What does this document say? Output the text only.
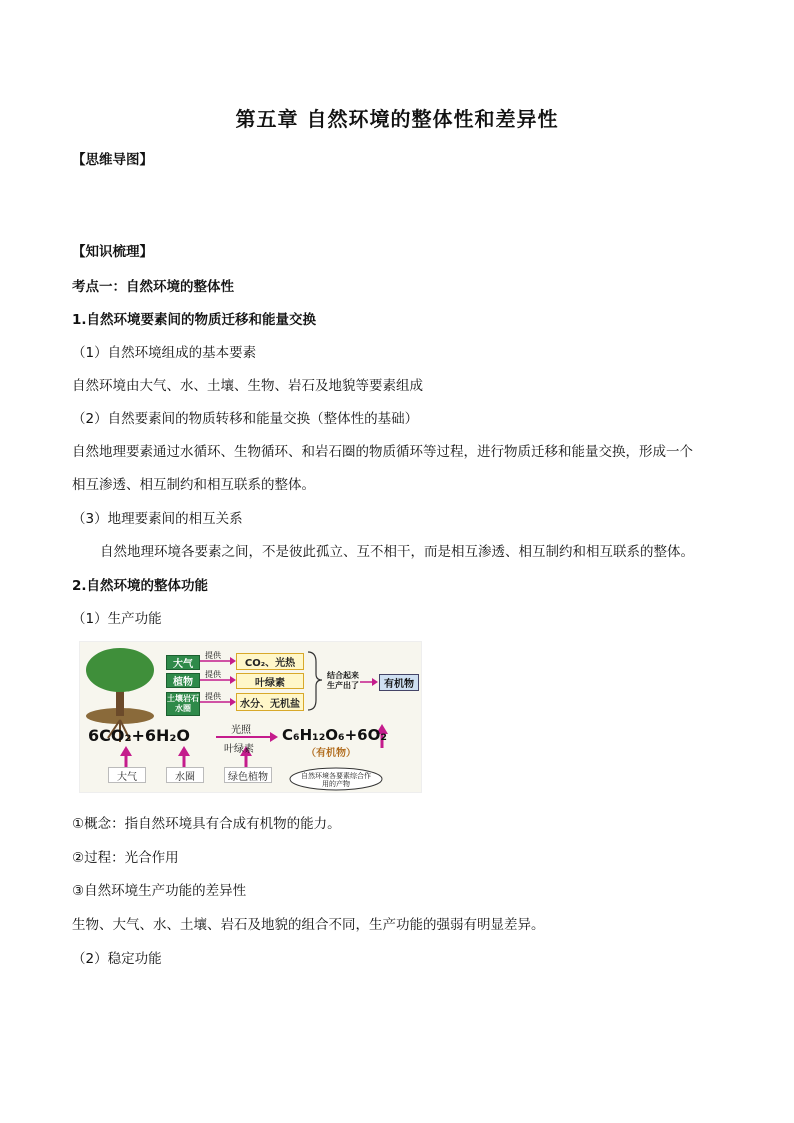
第五章 自然环境的整体性和差异性
【思维导图】
【知识梳理】
考点一：自然环境的整体性
1.自然环境要素间的物质迁移和能量交换
（1）自然环境组成的基本要素
自然环境由大气、水、土壤、生物、岩石及地貌等要素组成
（2）自然要素间的物质转移和能量交换（整体性的基础）
自然地理要素通过水循环、生物循环、和岩石圈的物质循环等过程，进行物质迁移和能量交换，形成一个
相互渗透、相互制约和相互联系的整体。
（3）地理要素间的相互关系
自然地理环境各要素之间，不是彼此孤立、互不相干，而是相互渗透、相互制约和相互联系的整体。
2.自然环境的整体功能
（1）生产功能
大气
植物
土壤岩石水圈
提供
提供
提供
CO₂、光热
叶绿素
水分、无机盐
结合起来生产出了	有机物
6CO₂+6H₂O	光照
叶绿素
C₆H₁₂O₆+6O₂
（有机物）
大气	水圈	绿色植物	自然环境各要素综合作用的产物
①概念：指自然环境具有合成有机物的能力。
②过程：光合作用
③自然环境生产功能的差异性
生物、大气、水、土壤、岩石及地貌的组合不同，生产功能的强弱有明显差异。
（2）稳定功能
